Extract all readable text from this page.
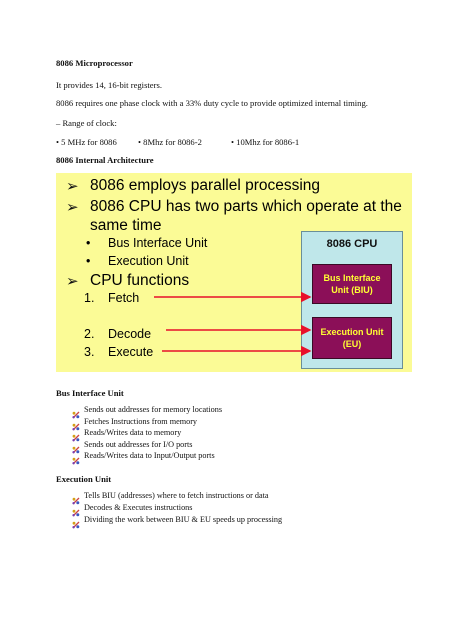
8086 Microprocessor
It provides 14, 16-bit registers.
8086 requires one phase clock with a 33% duty cycle to provide optimized internal timing.
– Range of clock:
• 5 MHz for 8086 • 8Mhz for 8086-2	• 10Mhz for 8086-1
8086 Internal Architecture
➢ 8086 employs parallel processing
➢ 8086 CPU has two parts which operate at the
same time
• Bus Interface Unit
• Execution Unit
➢ CPU functions
1. Fetch
2. Decode
3. Execute
8086 CPU
Bus Interface
Unit (BIU)
Execution Unit
(EU)
Bus Interface Unit
Sends out addresses for memory locations
Fetches Instructions from memory
Reads/Writes data to memory
Sends out addresses for I/O ports
Reads/Writes data to Input/Output ports
Execution Unit
Tells BIU (addresses) where to fetch instructions or data
Decodes & Executes instructions
Dividing the work between BIU & EU speeds up processing
